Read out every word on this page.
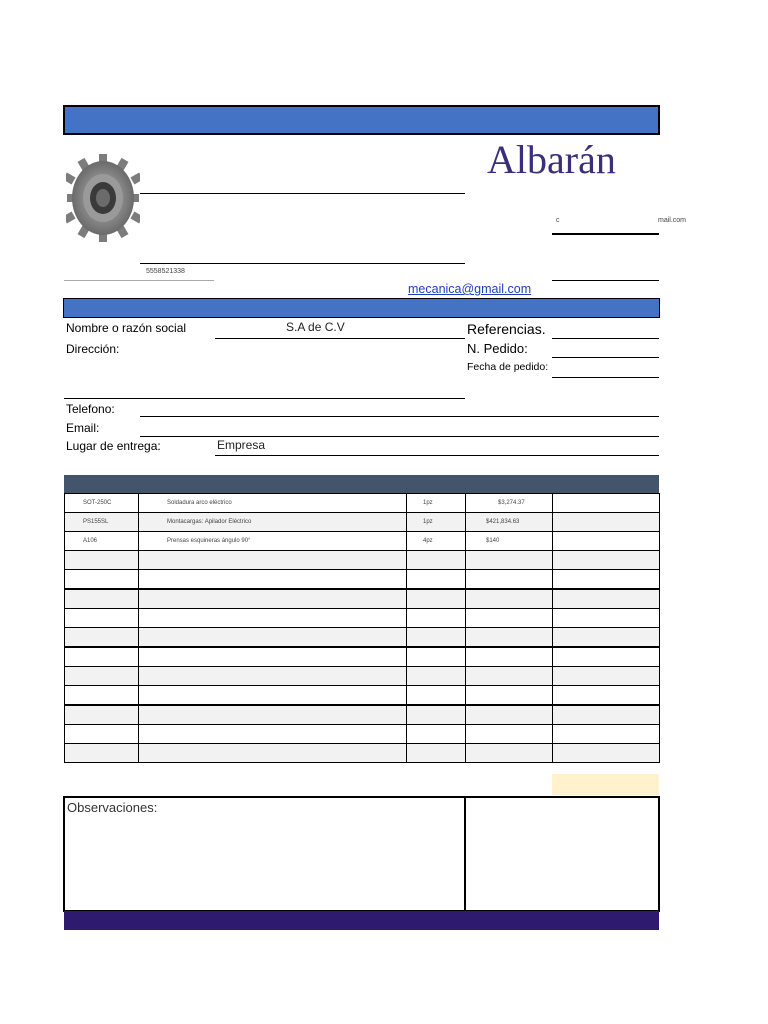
Albarán
5558521338
c	mail.com
mecanica@gmail.com
Nombre o razón social	S.A de C.V
Dirección:
Telefono:
Email:
Lugar de entrega:	Empresa
Referencias.
N. Pedido:
Fecha de pedido:
SOT-250C	Soldadura arco eléctrico	1pz	$3,274.37	
PS155SL	Montacargas: Apilador Eléctrico	1pz	$421,834.63	
A106	Prensas esquineras ángulo 90°	4pz	$140	

Observaciones:
